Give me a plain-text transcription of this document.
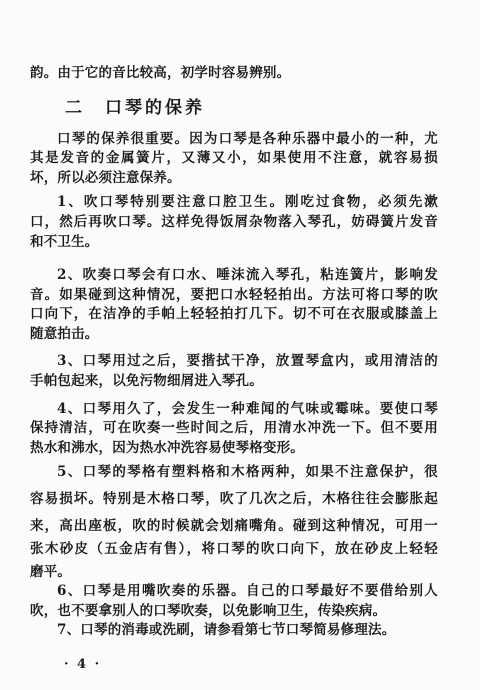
韵。由于它的音比较高，初学时容易辨别。
二　口琴的保养
口琴的保养很重要。因为口琴是各种乐器中最小的一种，尤
其是发音的金属簧片，又薄又小，如果使用不注意，就容易损
坏，所以必须注意保养。
1、吹口琴特别要注意口腔卫生。刚吃过食物，必须先漱
口，然后再吹口琴。这样免得饭屑杂物落入琴孔，妨碍簧片发音
和不卫生。
2、吹奏口琴会有口水、唾沫流入琴孔，粘连簧片，影响发
音。如果碰到这种情况，要把口水轻轻拍出。方法可将口琴的吹
口向下，在洁净的手帕上轻轻拍打几下。切不可在衣服或膝盖上
随意拍击。
3、口琴用过之后，要揩拭干净，放置琴盒内，或用清洁的
手帕包起来，以免污物细屑进入琴孔。
4、口琴用久了，会发生一种难闻的气味或霉味。要使口琴
保持清洁，可在吹奏一些时间之后，用清水冲洗一下。但不要用
热水和沸水，因为热水冲洗容易使琴格变形。
5、口琴的琴格有塑料格和木格两种，如果不注意保护，很
容易损坏。特别是木格口琴，吹了几次之后，木格往往会膨胀起
来，高出座板，吹的时候就会划痛嘴角。碰到这种情况，可用一
张木砂皮（五金店有售），将口琴的吹口向下，放在砂皮上轻轻
磨平。
6、口琴是用嘴吹奏的乐器。自己的口琴最好不要借给别人
吹，也不要拿别人的口琴吹奏，以免影响卫生，传染疾病。
7、口琴的消毒或洗刷，请参看第七节口琴简易修理法。
· 4 ·
